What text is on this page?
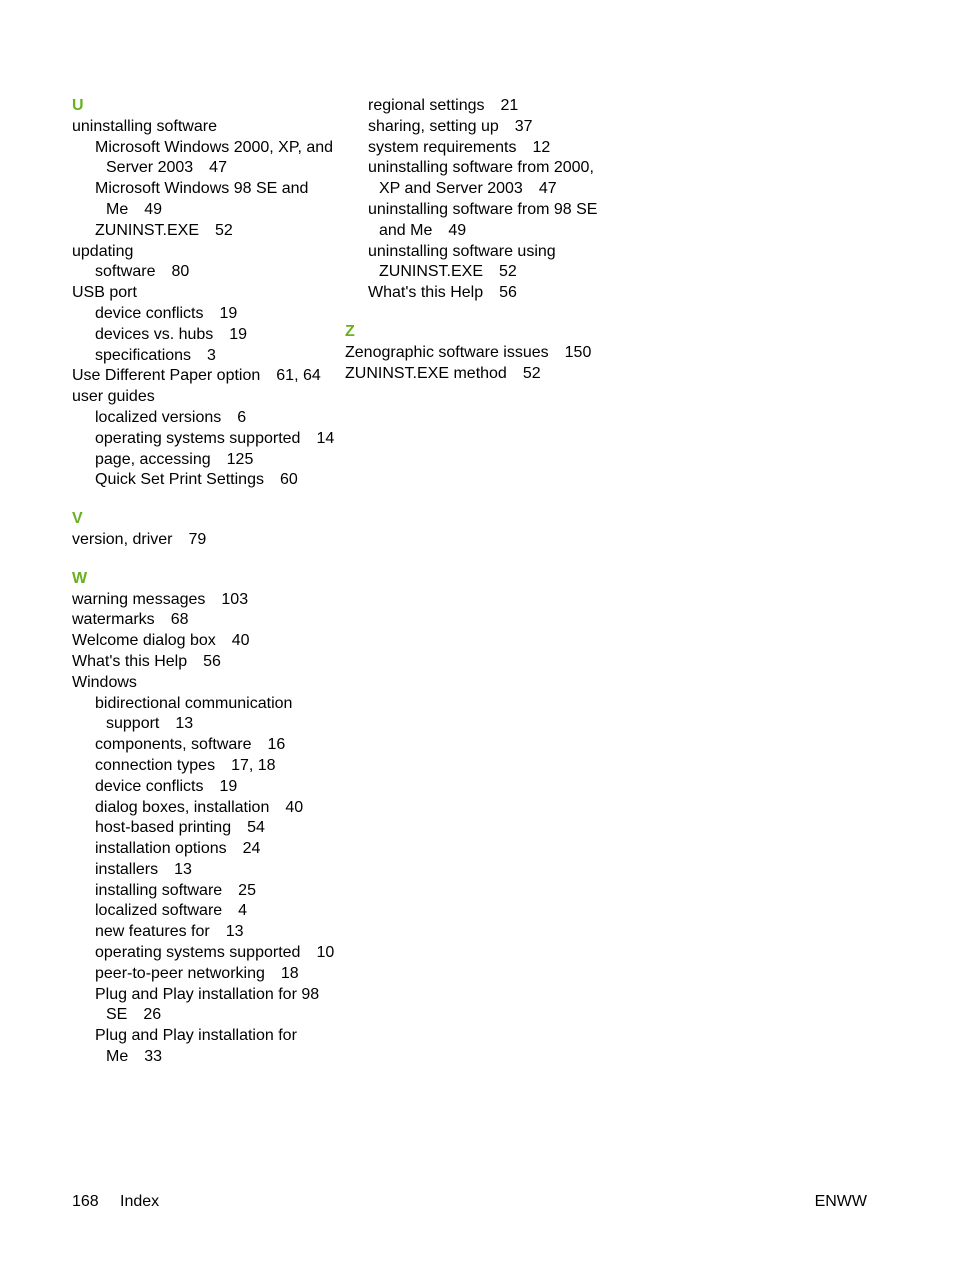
U
uninstalling software
Microsoft Windows 2000, XP, and Server 2003 47
Microsoft Windows 98 SE and Me 49
ZUNINST.EXE 52
updating
software 80
USB port
device conflicts 19
devices vs. hubs 19
specifications 3
Use Different Paper option 61, 64
user guides
localized versions 6
operating systems supported 14
page, accessing 125
Quick Set Print Settings 60
V
version, driver 79
W
warning messages 103
watermarks 68
Welcome dialog box 40
What's this Help 56
Windows
bidirectional communication support 13
components, software 16
connection types 17, 18
device conflicts 19
dialog boxes, installation 40
host-based printing 54
installation options 24
installers 13
installing software 25
localized software 4
new features for 13
operating systems supported 10
peer-to-peer networking 18
Plug and Play installation for 98 SE 26
Plug and Play installation for Me 33
regional settings 21
sharing, setting up 37
system requirements 12
uninstalling software from 2000, XP and Server 2003 47
uninstalling software from 98 SE and Me 49
uninstalling software using ZUNINST.EXE 52
What's this Help 56
Z
Zenographic software issues 150
ZUNINST.EXE method 52
168 Index	ENWW
